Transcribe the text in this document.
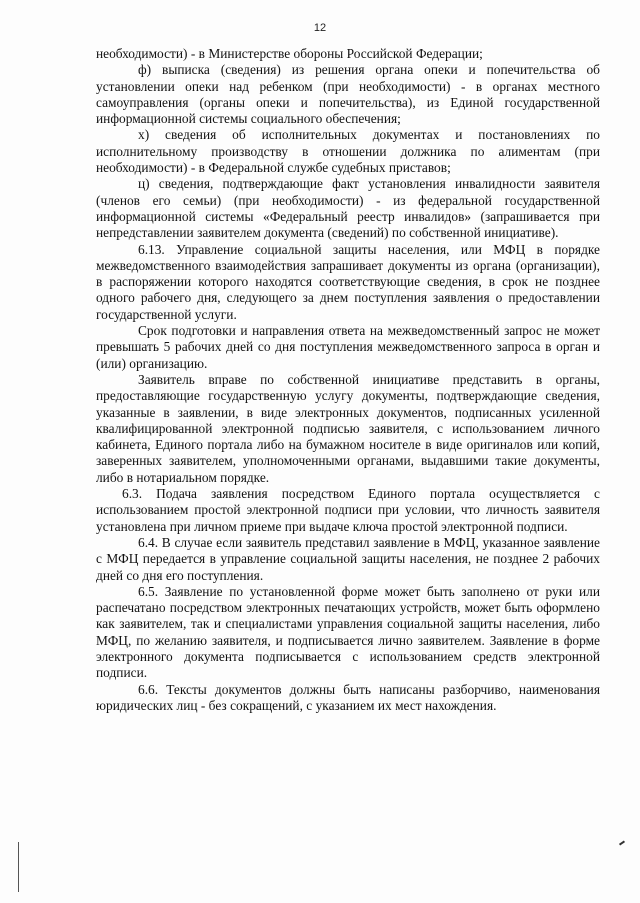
12

необходимости) - в Министерстве обороны Российской Федерации;

ф) выписка (сведения) из решения органа опеки и попечительства об установлении опеки над ребенком (при необходимости) - в органах местного самоуправления (органы опеки и попечительства), из Единой государственной информационной системы социального обеспечения;

х) сведения об исполнительных документах и постановлениях по исполнительному производству в отношении должника по алиментам (при необходимости) - в Федеральной службе судебных приставов;

ц) сведения, подтверждающие факт установления инвалидности заявителя (членов его семьи) (при необходимости) - из федеральной государственной информационной системы «Федеральный реестр инвалидов» (запрашивается при непредставлении заявителем документа (сведений) по собственной инициативе).

6.13. Управление социальной защиты населения, или МФЦ в порядке межведомственного взаимодействия запрашивает документы из органа (организации), в распоряжении которого находятся соответствующие сведения, в срок не позднее одного рабочего дня, следующего за днем поступления заявления о предоставлении государственной услуги.

Срок подготовки и направления ответа на межведомственный запрос не может превышать 5 рабочих дней со дня поступления межведомственного запроса в орган и (или) организацию.

Заявитель вправе по собственной инициативе представить в органы, предоставляющие государственную услугу документы, подтверждающие сведения, указанные в заявлении, в виде электронных документов, подписанных усиленной квалифицированной электронной подписью заявителя, с использованием личного кабинета, Единого портала либо на бумажном носителе в виде оригиналов или копий, заверенных заявителем, уполномоченными органами, выдавшими такие документы, либо в нотариальном порядке.

6.3. Подача заявления посредством Единого портала осуществляется с использованием простой электронной подписи при условии, что личность заявителя установлена при личном приеме при выдаче ключа простой электронной подписи.

6.4. В случае если заявитель представил заявление в МФЦ, указанное заявление с МФЦ передается в управление социальной защиты населения, не позднее 2 рабочих дней со дня его поступления.

6.5. Заявление по установленной форме может быть заполнено от руки или распечатано посредством электронных печатающих устройств, может быть оформлено как заявителем, так и специалистами управления социальной защиты населения, либо МФЦ, по желанию заявителя, и подписывается лично заявителем. Заявление в форме электронного документа подписывается с использованием средств электронной подписи.

6.6. Тексты документов должны быть написаны разборчиво, наименования юридических лиц - без сокращений, с указанием их мест нахождения.
